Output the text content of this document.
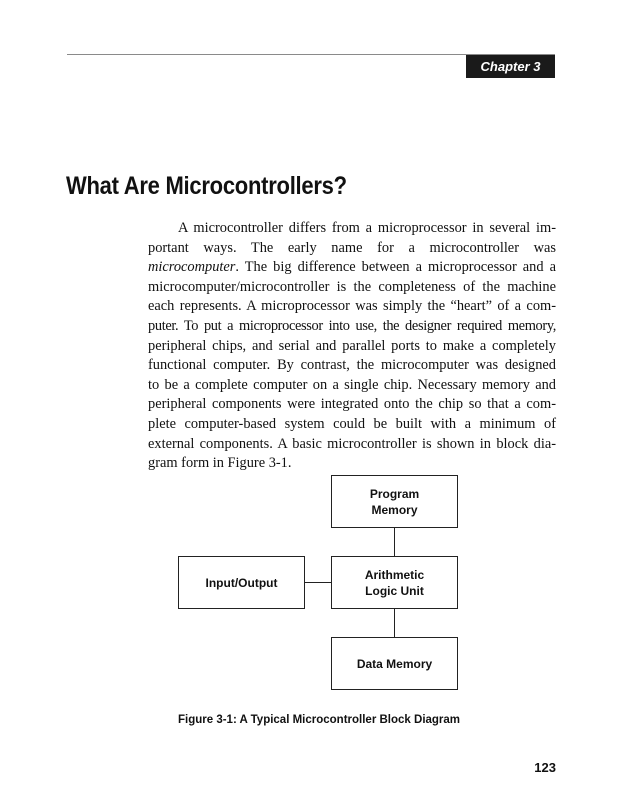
Chapter 3
What Are Microcontrollers?
A microcontroller differs from a microprocessor in several im-
portant ways. The early name for a microcontroller was
microcomputer. The big difference between a microprocessor and a
microcomputer/microcontroller is the completeness of the machine
each represents. A microprocessor was simply the “heart” of a com-
puter. To put a microprocessor into use, the designer required memory,
peripheral chips, and serial and parallel ports to make a completely
functional computer. By contrast, the microcomputer was designed
to be a complete computer on a single chip. Necessary memory and
peripheral components were integrated onto the chip so that a com-
plete computer-based system could be built with a minimum of
external components. A basic microcontroller is shown in block dia-
gram form in Figure 3-1.
Program
Memory
Input/Output
Arithmetic
Logic Unit
Data Memory
Figure 3-1: A Typical Microcontroller Block Diagram
123
